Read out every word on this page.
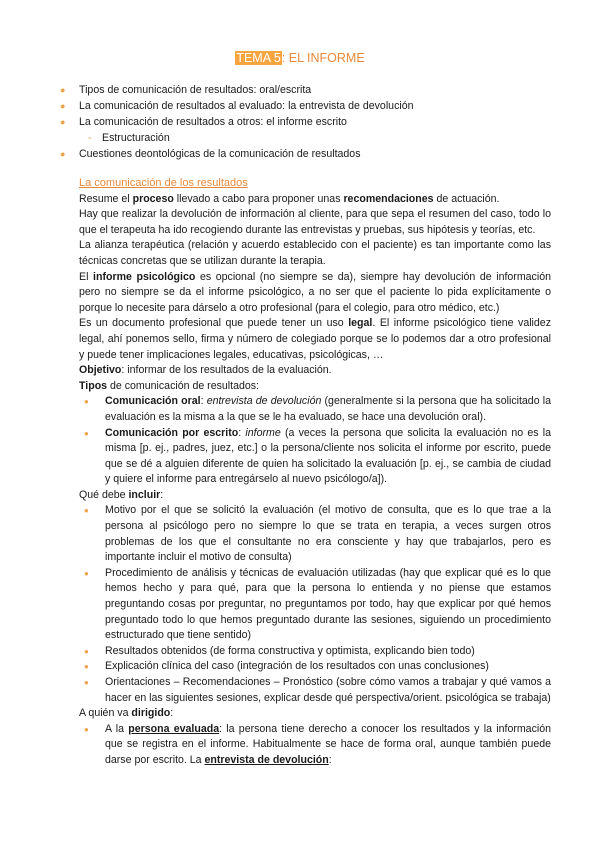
TEMA 5: EL INFORME
● Tipos de comunicación de resultados: oral/escrita
● La comunicación de resultados al evaluado: la entrevista de devolución
● La comunicación de resultados a otros: el informe escrito
- Estructuración
● Cuestiones deontológicas de la comunicación de resultados
La comunicación de los resultados

Resume el proceso llevado a cabo para proponer unas recomendaciones de actuación.

Hay que realizar la devolución de información al cliente, para que sepa el resumen del caso, todo lo que el terapeuta ha ido recogiendo durante las entrevistas y pruebas, sus hipótesis y teorías, etc.

La alianza terapéutica (relación y acuerdo establecido con el paciente) es tan importante como las técnicas concretas que se utilizan durante la terapia.

El informe psicológico es opcional (no siempre se da), siempre hay devolución de información pero no siempre se da el informe psicológico, a no ser que el paciente lo pida explícitamente o porque lo necesite para dárselo a otro profesional (para el colegio, para otro médico, etc.)

Es un documento profesional que puede tener un uso legal. El informe psicológico tiene validez legal, ahí ponemos sello, firma y número de colegiado porque se lo podemos dar a otro profesional y puede tener implicaciones legales, educativas, psicológicas, …

Objetivo: informar de los resultados de la evaluación.

Tipos de comunicación de resultados:

● Comunicación oral: entrevista de devolución (generalmente si la persona que ha solicitado la evaluación es la misma a la que se le ha evaluado, se hace una devolución oral).
● Comunicación por escrito: informe (a veces la persona que solicita la evaluación no es la misma [p. ej., padres, juez, etc.] o la persona/cliente nos solicita el informe por escrito, puede que se dé a alguien diferente de quien ha solicitado la evaluación [p. ej., se cambia de ciudad y quiere el informe para entregárselo al nuevo psicólogo/a]).

Qué debe incluir:

● Motivo por el que se solicitó la evaluación (el motivo de consulta, que es lo que trae a la persona al psicólogo pero no siempre lo que se trata en terapia, a veces surgen otros problemas de los que el consultante no era consciente y hay que trabajarlos, pero es importante incluir el motivo de consulta)
● Procedimiento de análisis y técnicas de evaluación utilizadas (hay que explicar qué es lo que hemos hecho y para qué, para que la persona lo entienda y no piense que estamos preguntando cosas por preguntar, no preguntamos por todo, hay que explicar por qué hemos preguntado todo lo que hemos preguntado durante las sesiones, siguiendo un procedimiento estructurado que tiene sentido)
● Resultados obtenidos (de forma constructiva y optimista, explicando bien todo)
● Explicación clínica del caso (integración de los resultados con unas conclusiones)
● Orientaciones – Recomendaciones – Pronóstico (sobre cómo vamos a trabajar y qué vamos a hacer en las siguientes sesiones, explicar desde qué perspectiva/orient. psicológica se trabaja)

A quién va dirigido:

● A la persona evaluada: la persona tiene derecho a conocer los resultados y la información que se registra en el informe. Habitualmente se hace de forma oral, aunque también puede darse por escrito. La entrevista de devolución:
